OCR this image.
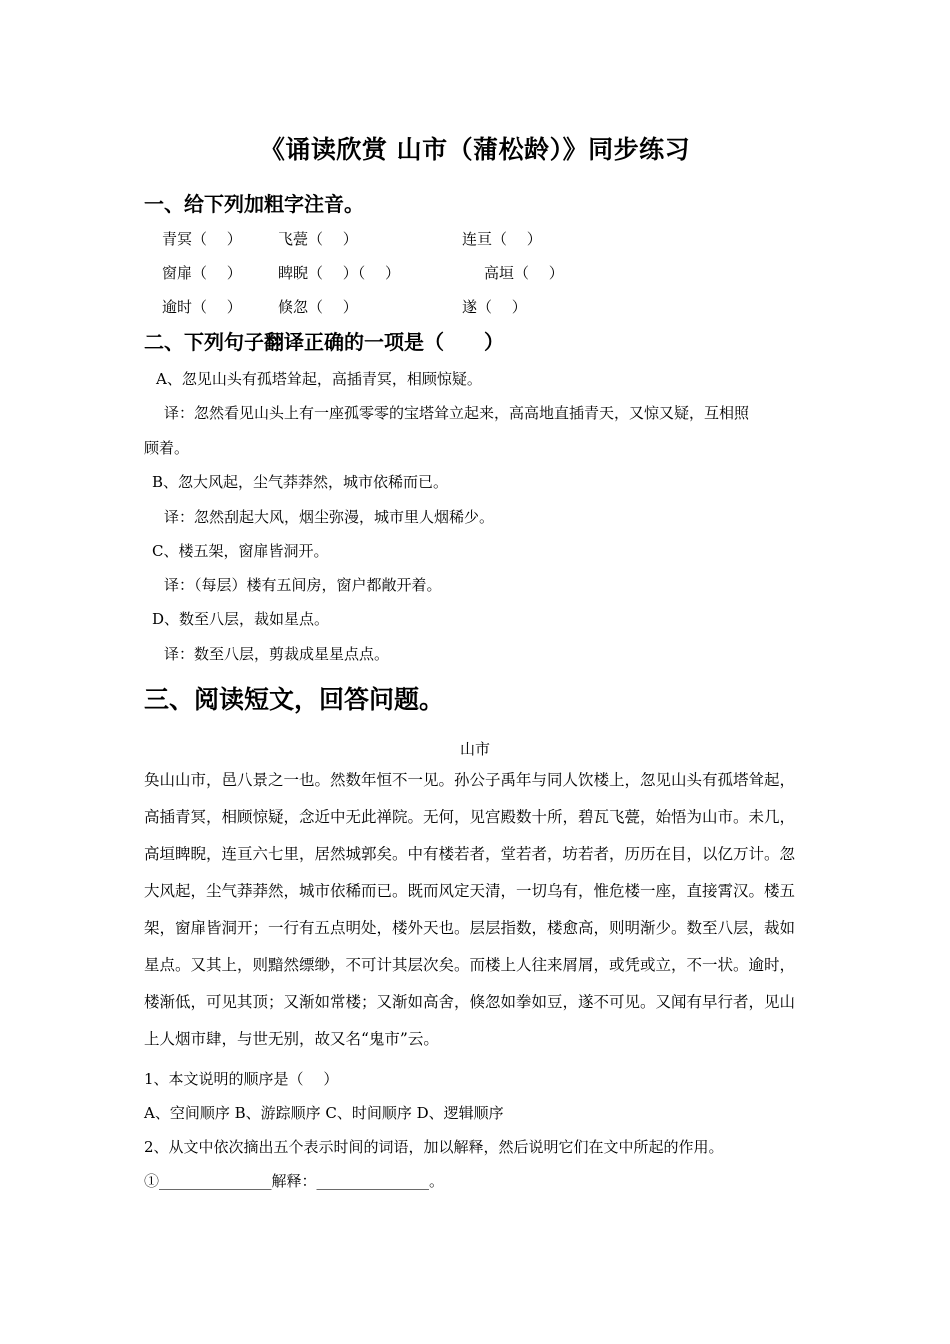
《诵读欣赏 山市（蒲松龄）》同步练习
一、给下列加粗字注音。
青冥（　 ） 飞甍（　 ）	连亘（　 ）
窗扉（　 ） 睥睨（　 ）（　 ）	高垣（　 ）
逾时（　 ） 倏忽（　 ）	遂（　 ）
二、下列句子翻译正确的一项是（　　）
A、忽见山头有孤塔耸起，高插青冥，相顾惊疑。
译：忽然看见山头上有一座孤零零的宝塔耸立起来，高高地直插青天，又惊又疑，互相照
顾着。
B、忽大风起，尘气莽莽然，城市依稀而已。
译：忽然刮起大风，烟尘弥漫，城市里人烟稀少。
C、楼五架，窗扉皆洞开。
译：（每层）楼有五间房，窗户都敞开着。
D、数至八层，裁如星点。
译：数至八层，剪裁成星星点点。
三、阅读短文，回答问题。
山市
奂山山市，邑八景之一也。然数年恒不一见。孙公子禹年与同人饮楼上，忽见山头有孤塔耸起，
高插青冥，相顾惊疑，念近中无此禅院。无何，见宫殿数十所，碧瓦飞甍，始悟为山市。未几，
高垣睥睨，连亘六七里，居然城郭矣。中有楼若者，堂若者，坊若者，历历在目，以亿万计。忽
大风起，尘气莽莽然，城市依稀而已。既而风定天清，一切乌有，惟危楼一座，直接霄汉。楼五
架，窗扉皆洞开；一行有五点明处，楼外天也。层层指数，楼愈高，则明渐少。数至八层，裁如
星点。又其上，则黯然缥缈，不可计其层次矣。而楼上人往来屑屑，或凭或立，不一状。逾时，
楼渐低，可见其顶；又渐如常楼；又渐如高舍，倏忽如拳如豆，遂不可见。又闻有早行者，见山
上人烟市肆，与世无别，故又名“鬼市”云。
1、本文说明的顺序是（　 ）
A、空间顺序 B、游踪顺序 C、时间顺序 D、逻辑顺序
2、从文中依次摘出五个表示时间的词语，加以解释，然后说明它们在文中所起的作用。
①_______________解释：_______________。
